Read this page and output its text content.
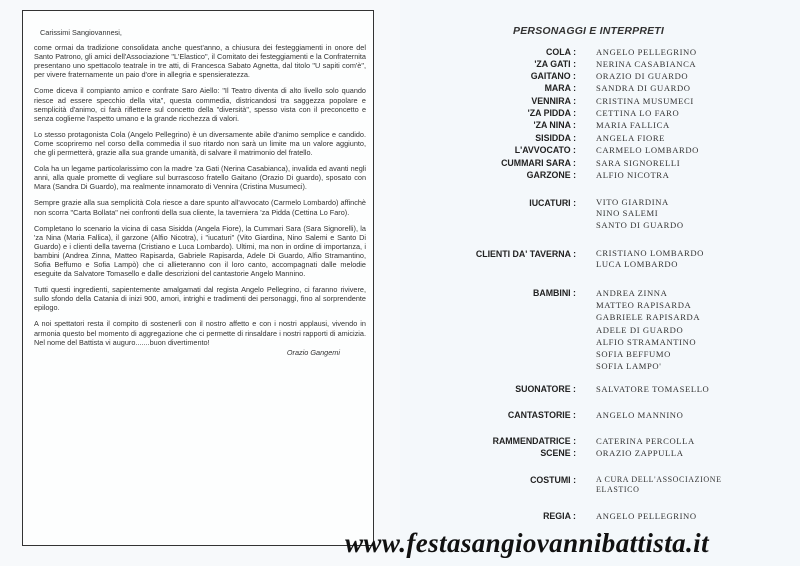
Carissimi Sangiovannesi,

come ormai da tradizione consolidata anche quest'anno, a chiusura dei festeggiamenti in onore del Santo Patrono, gli amici dell'Associazione "L'Elastico", il Comitato dei festeggiamenti e la Confraternita presentano uno spettacolo teatrale in tre atti, di Francesca Sabato Agnetta, dal titolo "U sapiti com'è", per vivere fraternamente un paio d'ore in allegria e spensieratezza.

Come diceva il compianto amico e confrate Saro Aiello: "Il Teatro diventa di alto livello solo quando riesce ad essere specchio della vita", questa commedia, districandosi tra saggezza popolare e semplicità d'animo, ci farà riflettere sul concetto della "diversità", spesso vista con il preconcetto e senza coglierne l'aspetto umano e la grande ricchezza di valori.

Lo stesso protagonista Cola (Angelo Pellegrino) è un diversamente abile d'animo semplice e candido. Come scopriremo nel corso della commedia il suo ritardo non sarà un limite ma un valore aggiunto, che gli permetterà, grazie alla sua grande umanità, di salvare il matrimonio del fratello.

Cola ha un legame particolarissimo con la madre 'za Gati (Nerina Casabianca), invalida ed avanti negli anni, alla quale promette di vegliare sul burrascoso fratello Gaitano (Orazio Di guardo), sposato con Mara (Sandra Di Guardo), ma realmente innamorato di Vennira (Cristina Musumeci).

Sempre grazie alla sua semplicità Cola riesce a dare spunto all'avvocato (Carmelo Lombardo) affinchè non scorra "Carta Bollata" nei confronti della sua cliente, la taverniera 'za Pidda (Cettina Lo Faro).

Completano lo scenario la vicina di casa Sisidda (Angela Fiore), la Cummari Sara (Sara Signorelli), la 'za Nina (Maria Fallica), il garzone (Alfio Nicotra), i "iucaturi" (Vito Giardina, Nino Salemi e Santo Di Guardo) e i clienti della taverna (Cristiano e Luca Lombardo). Ultimi, ma non in ordine di importanza, i bambini (Andrea Zinna, Matteo Rapisarda, Gabriele Rapisarda, Adele Di Guardo, Alfio Stramantino, Sofia Beffumo e Sofia Lampò) che ci allieteranno con il loro canto, accompagnati dalle melodie eseguite da Salvatore Tomasello e dalle descrizioni del cantastorie Angelo Mannino.

Tutti questi ingredienti, sapientemente amalgamati dal regista Angelo Pellegrino, ci faranno rivivere, sullo sfondo della Catania di inizi 900, amori, intrighi e tradimenti dei personaggi, fino al sorprendente epilogo.

A noi spettatori resta il compito di sostenerli con il nostro affetto e con i nostri applausi, vivendo in armonia questo bel momento di aggregazione che ci permette di rinsaldare i nostri rapporti di amicizia. Nel nome del Battista vi auguro.......buon divertimento!

Orazio Gangemi
PERSONAGGI E INTERPRETI
COLA : ANGELO PELLEGRINO
'ZA GATI : NERINA CASABIANCA
GAITANO : ORAZIO DI GUARDO
MARA : SANDRA DI GUARDO
VENNIRA : CRISTINA MUSUMECI
'ZA PIDDA : CETTINA LO FARO
'ZA NINA : MARIA FALLICA
SISIDDA : ANGELA FIORE
L'AVVOCATO : CARMELO LOMBARDO
CUMMARI SARA : SARA SIGNORELLI
GARZONE : ALFIO NICOTRA
IUCATURI : VITO GIARDINA
NINO SALEMI
SANTO DI GUARDO
CLIENTI DA' TAVERNA : CRISTIANO LOMBARDO
LUCA LOMBARDO
BAMBINI : ANDREA ZINNA
MATTEO RAPISARDA
GABRIELE RAPISARDA
ADELE DI GUARDO
ALFIO STRAMANTINO
SOFIA BEFFUMO
SOFIA LAMPO'
SUONATORE : SALVATORE TOMASELLO
CANTASTORIE : ANGELO MANNINO
RAMMENDATRICE : CATERINA PERCOLLA
SCENE : ORAZIO ZAPPULLA
COSTUMI :	A CURA DELL'ASSOCIAZIONE
ELASTICO
REGIA : ANGELO PELLEGRINO
www.festasangiovannibattista.it
